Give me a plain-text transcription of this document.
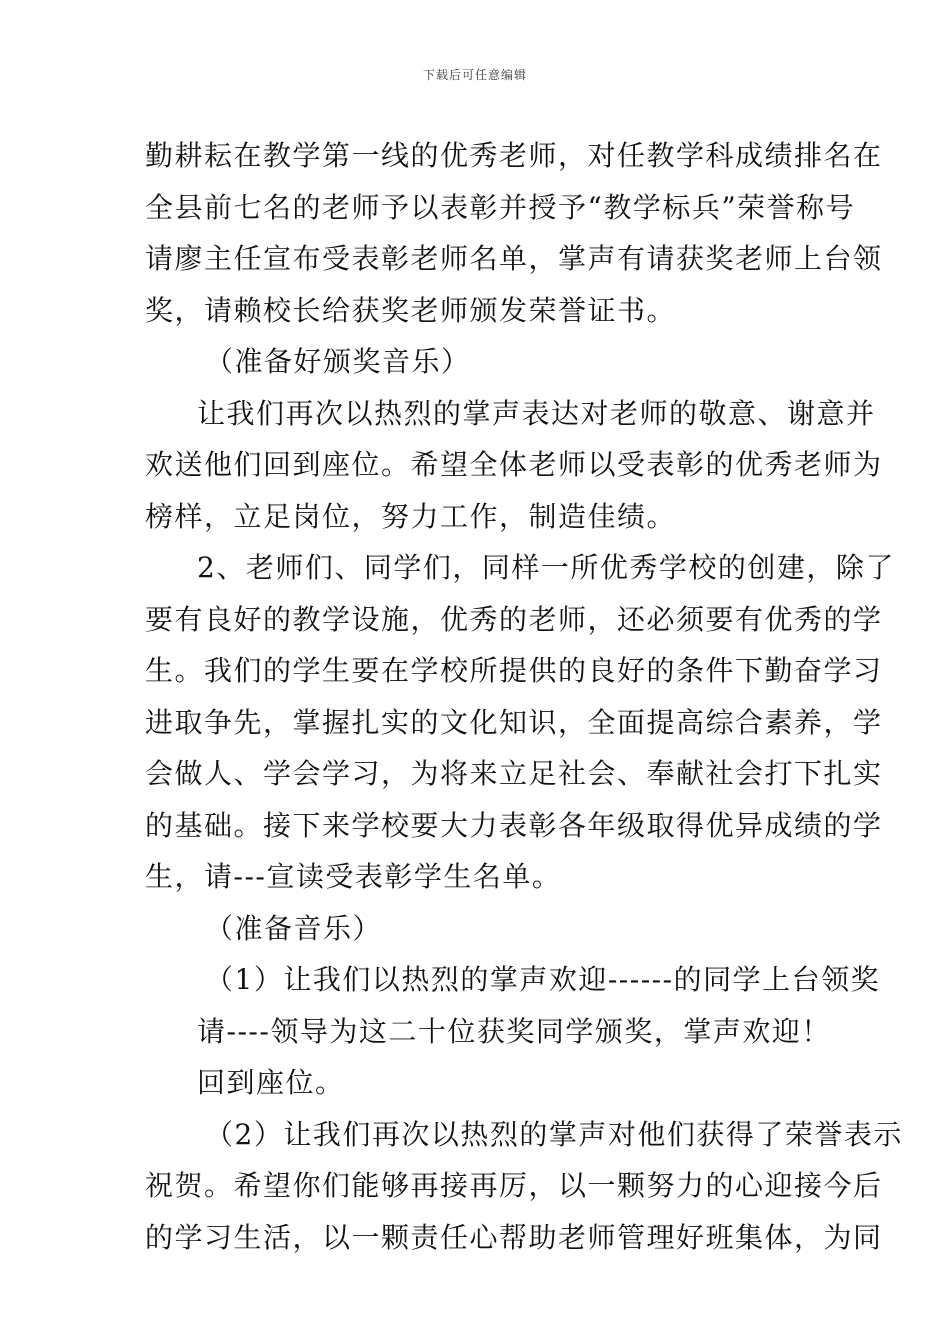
下载后可任意编辑
勤耕耘在教学第一线的优秀老师，对任教学科成绩排名在
全县前七名的老师予以表彰并授予“教学标兵”荣誉称号
请廖主任宣布受表彰老师名单，掌声有请获奖老师上台领
奖，请赖校长给获奖老师颁发荣誉证书。
（准备好颁奖音乐）
让我们再次以热烈的掌声表达对老师的敬意、谢意并
欢送他们回到座位。希望全体老师以受表彰的优秀老师为
榜样，立足岗位，努力工作，制造佳绩。
2、老师们、同学们，同样一所优秀学校的创建，除了
要有良好的教学设施，优秀的老师，还必须要有优秀的学
生。我们的学生要在学校所提供的良好的条件下勤奋学习
进取争先，掌握扎实的文化知识，全面提高综合素养，学
会做人、学会学习，为将来立足社会、奉献社会打下扎实
的基础。接下来学校要大力表彰各年级取得优异成绩的学
生，请---宣读受表彰学生名单。
（准备音乐）
（1）让我们以热烈的掌声欢迎------的同学上台领奖
请----领导为这二十位获奖同学颁奖，掌声欢迎！
回到座位。
（2）让我们再次以热烈的掌声对他们获得了荣誉表示
祝贺。希望你们能够再接再厉，以一颗努力的心迎接今后
的学习生活，以一颗责任心帮助老师管理好班集体，为同
